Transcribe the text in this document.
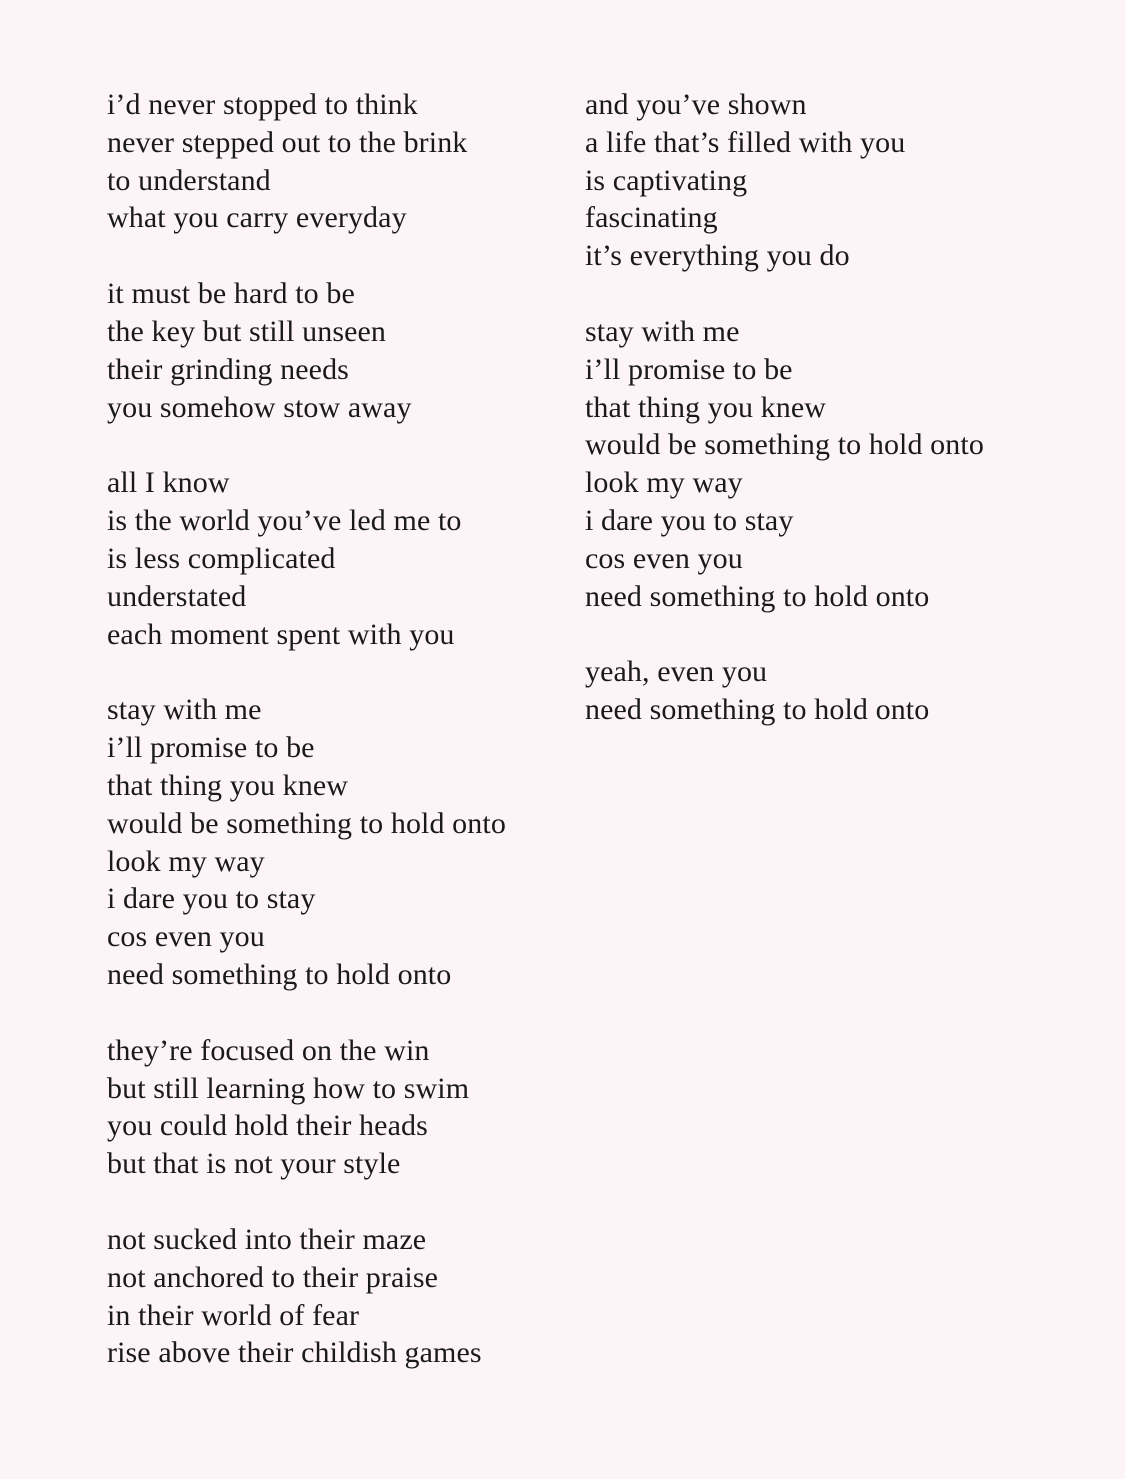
i’d never stopped to think
never stepped out to the brink
to understand
what you carry everyday
it must be hard to be
the key but still unseen
their grinding needs
you somehow stow away
all I know
is the world you’ve led me to
is less complicated
understated
each moment spent with you
stay with me
i’ll promise to be
that thing you knew
would be something to hold onto
look my way
i dare you to stay
cos even you
need something to hold onto
they’re focused on the win
but still learning how to swim
you could hold their heads
but that is not your style
not sucked into their maze
not anchored to their praise
in their world of fear
rise above their childish games
and you’ve shown
a life that’s filled with you
is captivating
fascinating
it’s everything you do
stay with me
i’ll promise to be
that thing you knew
would be something to hold onto
look my way
i dare you to stay
cos even you
need something to hold onto
yeah, even you
need something to hold onto
